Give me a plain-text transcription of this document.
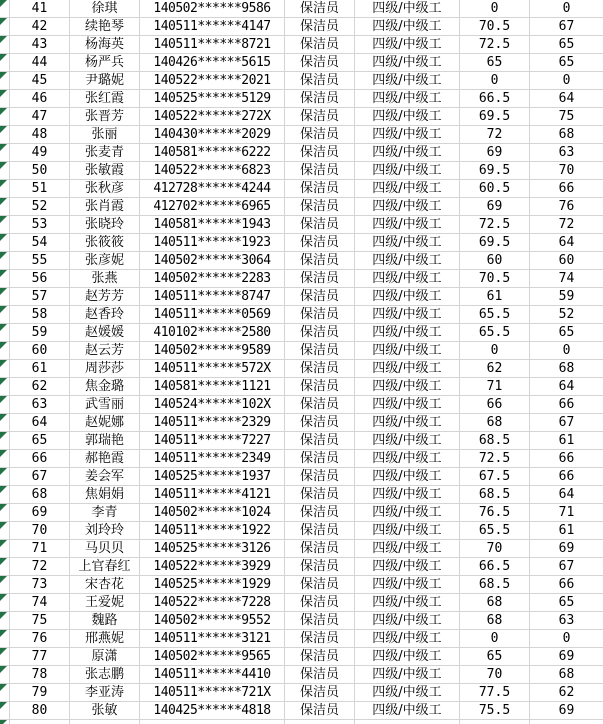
41	徐琪	140502******9586	保洁员	四级/中级工	0	0
42	续艳琴	140511******4147	保洁员	四级/中级工	70.5	67
43	杨海英	140511******8721	保洁员	四级/中级工	72.5	65
44	杨严兵	140426******5615	保洁员	四级/中级工	65	65
45	尹璐妮	140522******2021	保洁员	四级/中级工	0	0
46	张红霞	140525******5129	保洁员	四级/中级工	66.5	64
47	张晋芳	140522******272X	保洁员	四级/中级工	69.5	75
48	张丽	140430******2029	保洁员	四级/中级工	72	68
49	张麦青	140581******6222	保洁员	四级/中级工	69	63
50	张敏霞	140522******6823	保洁员	四级/中级工	69.5	70
51	张秋彦	412728******4244	保洁员	四级/中级工	60.5	66
52	张肖霞	412702******6965	保洁员	四级/中级工	69	76
53	张晓玲	140581******1943	保洁员	四级/中级工	72.5	72
54	张筱筱	140511******1923	保洁员	四级/中级工	69.5	64
55	张彦妮	140502******3064	保洁员	四级/中级工	60	60
56	张燕	140502******2283	保洁员	四级/中级工	70.5	74
57	赵芳芳	140511******8747	保洁员	四级/中级工	61	59
58	赵香玲	140511******0569	保洁员	四级/中级工	65.5	52
59	赵媛媛	410102******2580	保洁员	四级/中级工	65.5	65
60	赵云芳	140502******9589	保洁员	四级/中级工	0	0
61	周莎莎	140511******572X	保洁员	四级/中级工	62	68
62	焦金璐	140581******1121	保洁员	四级/中级工	71	64
63	武雪丽	140524******102X	保洁员	四级/中级工	66	66
64	赵妮娜	140511******2329	保洁员	四级/中级工	68	67
65	郭瑞艳	140511******7227	保洁员	四级/中级工	68.5	61
66	郝艳霞	140511******2349	保洁员	四级/中级工	72.5	66
67	姜会军	140525******1937	保洁员	四级/中级工	67.5	66
68	焦娟娟	140511******4121	保洁员	四级/中级工	68.5	64
69	李青	140502******1024	保洁员	四级/中级工	76.5	71
70	刘玲玲	140511******1922	保洁员	四级/中级工	65.5	61
71	马贝贝	140525******3126	保洁员	四级/中级工	70	69
72	上官春红	140522******3929	保洁员	四级/中级工	66.5	67
73	宋杏花	140525******1929	保洁员	四级/中级工	68.5	66
74	王爱妮	140522******7228	保洁员	四级/中级工	68	65
75	魏路	140502******9552	保洁员	四级/中级工	68	63
76	邢燕妮	140511******3121	保洁员	四级/中级工	0	0
77	原潇	140502******9565	保洁员	四级/中级工	65	69
78	张志鹏	140511******4410	保洁员	四级/中级工	70	68
79	李亚涛	140511******721X	保洁员	四级/中级工	77.5	62
80	张敏	140425******4818	保洁员	四级/中级工	75.5	69
